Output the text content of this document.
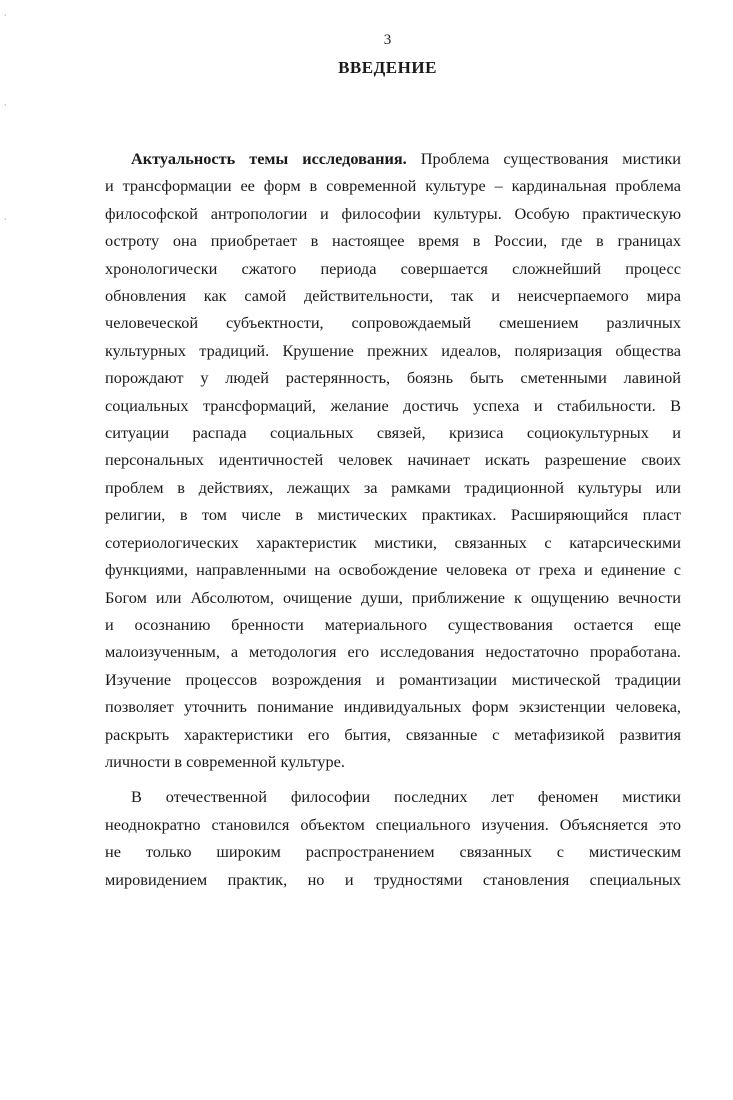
⸱
⸱
⸱
3
ВВЕДЕНИЕ
Актуальность темы исследования. Проблема существования мистики
и трансформации ее форм в современной культуре – кардинальная проблема
философской антропологии и философии культуры. Особую практическую
остроту она приобретает в настоящее время в России, где в границах
хронологически сжатого периода совершается сложнейший процесс
обновления как самой действительности, так и неисчерпаемого мира
человеческой субъектности, сопровождаемый смешением различных
культурных традиций. Крушение прежних идеалов, поляризация общества
порождают у людей растерянность, боязнь быть сметенными лавиной
социальных трансформаций, желание достичь успеха и стабильности. В
ситуации распада социальных связей, кризиса социокультурных и
персональных идентичностей человек начинает искать разрешение своих
проблем в действиях, лежащих за рамками традиционной культуры или
религии, в том числе в мистических практиках. Расширяющийся пласт
сотериологических характеристик мистики, связанных с катарсическими
функциями, направленными на освобождение человека от греха и единение с
Богом или Абсолютом, очищение души, приближение к ощущению вечности
и осознанию бренности материального существования остается еще
малоизученным, а методология его исследования недостаточно проработана.
Изучение процессов возрождения и романтизации мистической традиции
позволяет уточнить понимание индивидуальных форм экзистенции человека,
раскрыть характеристики его бытия, связанные с метафизикой развития
личности в современной культуре.
В отечественной философии последних лет феномен мистики
неоднократно становился объектом специального изучения. Объясняется это
не только широким распространением связанных с мистическим
мировидением практик, но и трудностями становления специальных
